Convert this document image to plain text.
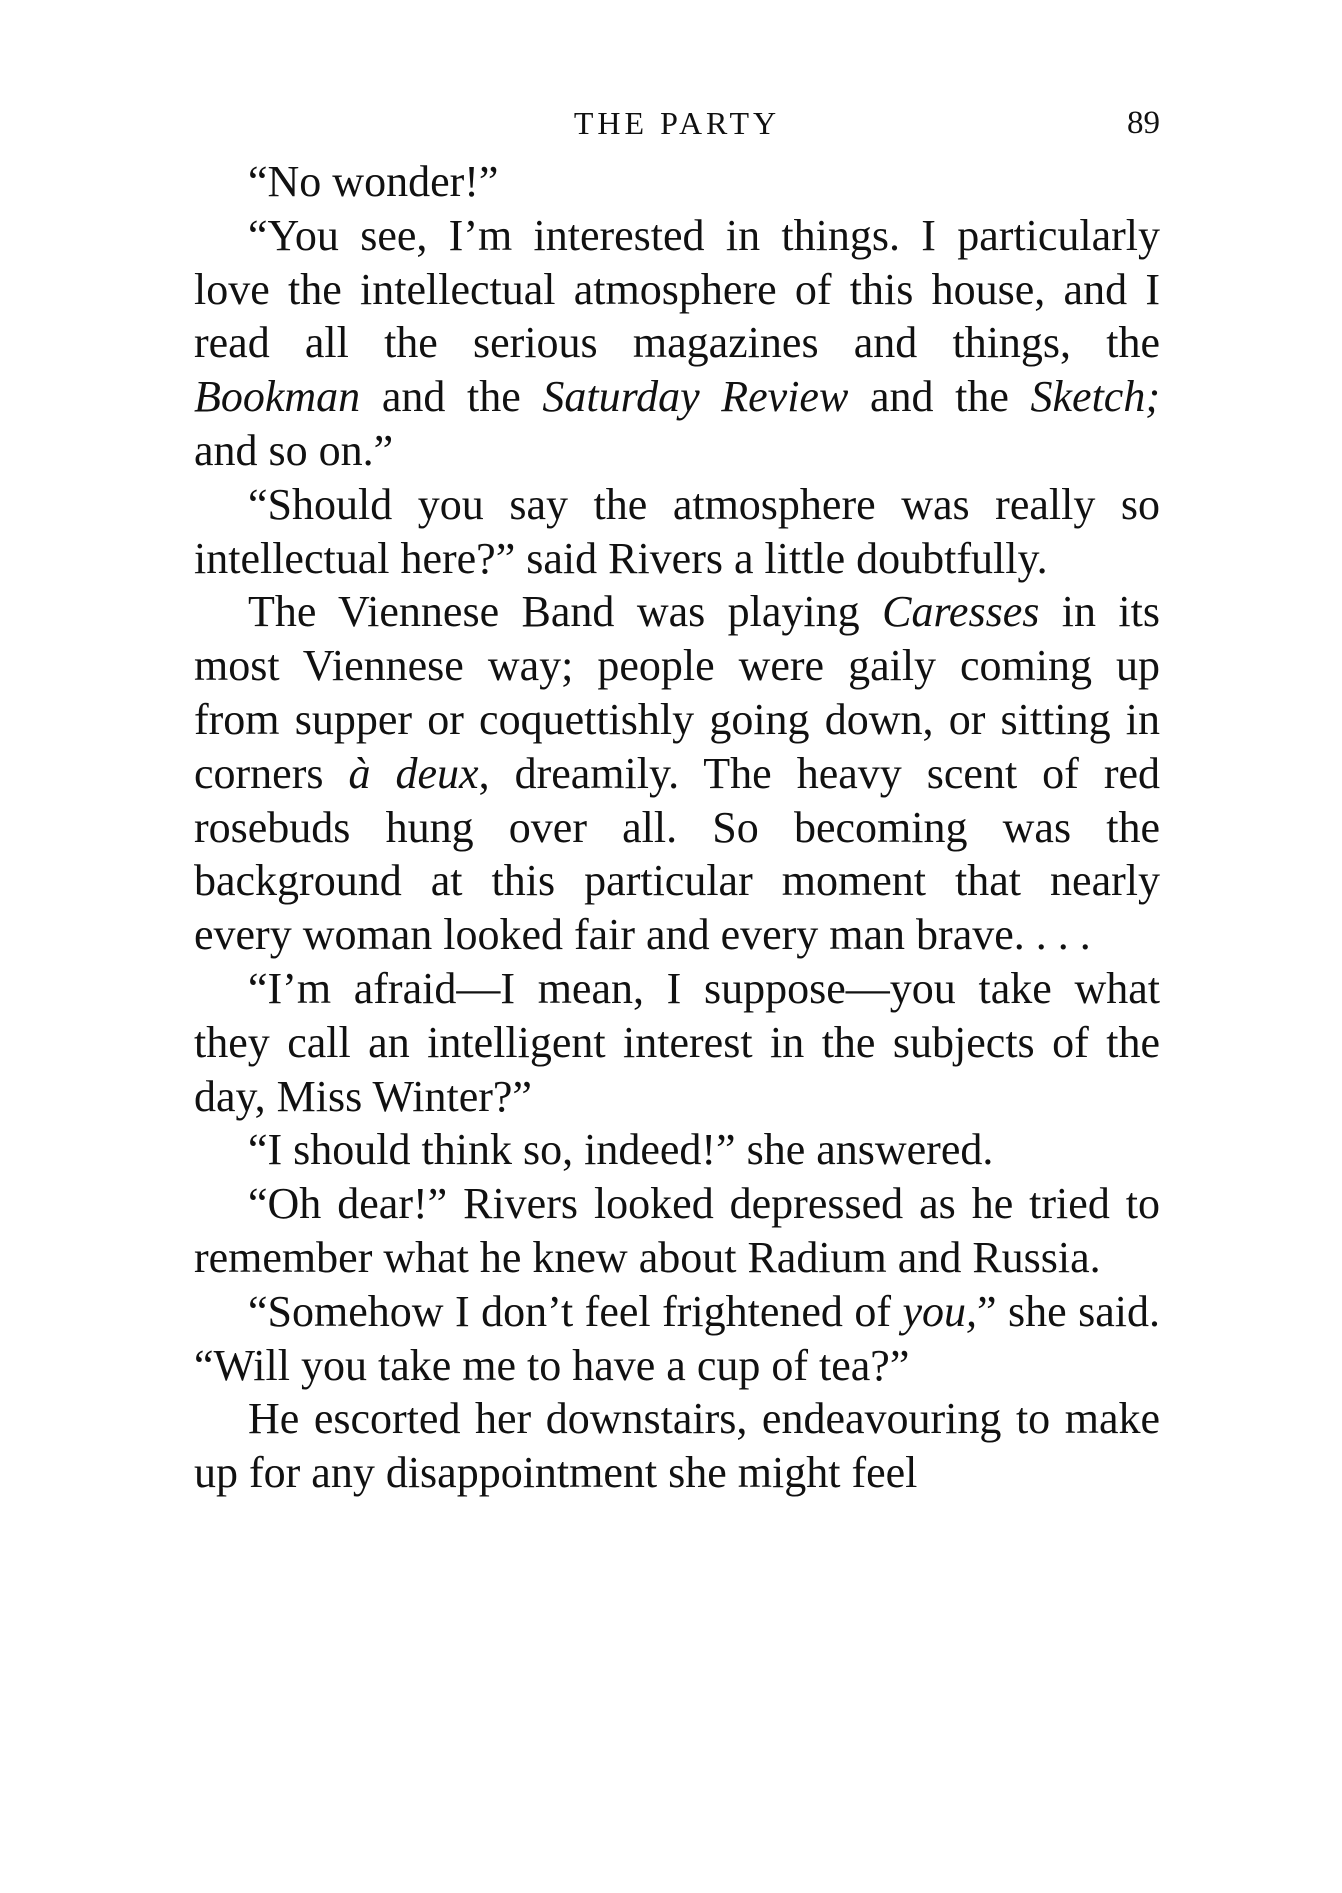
THE PARTY	89

“No wonder!”

“You see, I’m interested in things. I particularly love the intellectual atmosphere of this house, and I read all the serious magazines and things, the Bookman and the Saturday Review and the Sketch; and so on.”

“Should you say the atmosphere was really so intellectual here?” said Rivers a little doubtfully.

The Viennese Band was playing Caresses in its most Viennese way; people were gaily coming up from supper or coquettishly going down, or sitting in corners à deux, dreamily. The heavy scent of red rosebuds hung over all. So becoming was the background at this particular moment that nearly every woman looked fair and every man brave. . . .

“I’m afraid—I mean, I suppose—you take what they call an intelligent interest in the subjects of the day, Miss Winter?”

“I should think so, indeed!” she answered.

“Oh dear!” Rivers looked depressed as he tried to remember what he knew about Radium and Russia.

“Somehow I don’t feel frightened of you,” she said. “Will you take me to have a cup of tea?”

He escorted her downstairs, endeavouring to make up for any disappointment she might feel
